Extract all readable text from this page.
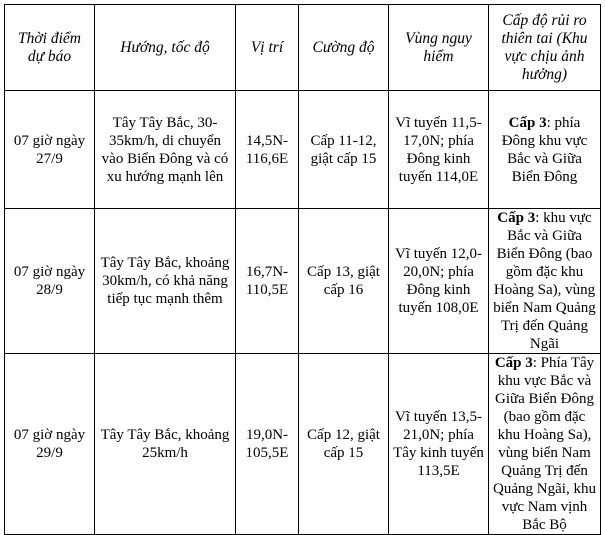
Thời điểm dự báo	Hướng, tốc độ	Vị trí	Cường độ	Vùng nguy hiểm	Cấp độ rủi ro thiên tai (Khu vực chịu ảnh hưởng)
07 giờ ngày 27/9	Tây Tây Bắc, 30-35km/h, di chuyển vào Biển Đông và có xu hướng mạnh lên	14,5N-116,6E	Cấp 11-12, giật cấp 15	Vĩ tuyến 11,5-17,0N; phía Đông kinh tuyến 114,0E	Cấp 3: phía Đông khu vực Bắc và Giữa Biển Đông
07 giờ ngày 28/9	Tây Tây Bắc, khoảng 30km/h, có khả năng tiếp tục mạnh thêm	16,7N-110,5E	Cấp 13, giật cấp 16	Vĩ tuyến 12,0-20,0N; phía Đông kinh tuyến 108,0E	Cấp 3: khu vực Bắc và Giữa Biển Đông (bao gồm đặc khu Hoàng Sa), vùng biển Nam Quảng Trị đến Quảng Ngãi
07 giờ ngày 29/9	Tây Tây Bắc, khoảng 25km/h	19,0N-105,5E	Cấp 12, giật cấp 15	Vĩ tuyến 13,5-21,0N; phía Tây kinh tuyến 113,5E	Cấp 3: Phía Tây khu vực Bắc và Giữa Biển Đông (bao gồm đặc khu Hoàng Sa), vùng biển Nam Quảng Trị đến Quảng Ngãi, khu vực Nam vịnh Bắc Bộ
